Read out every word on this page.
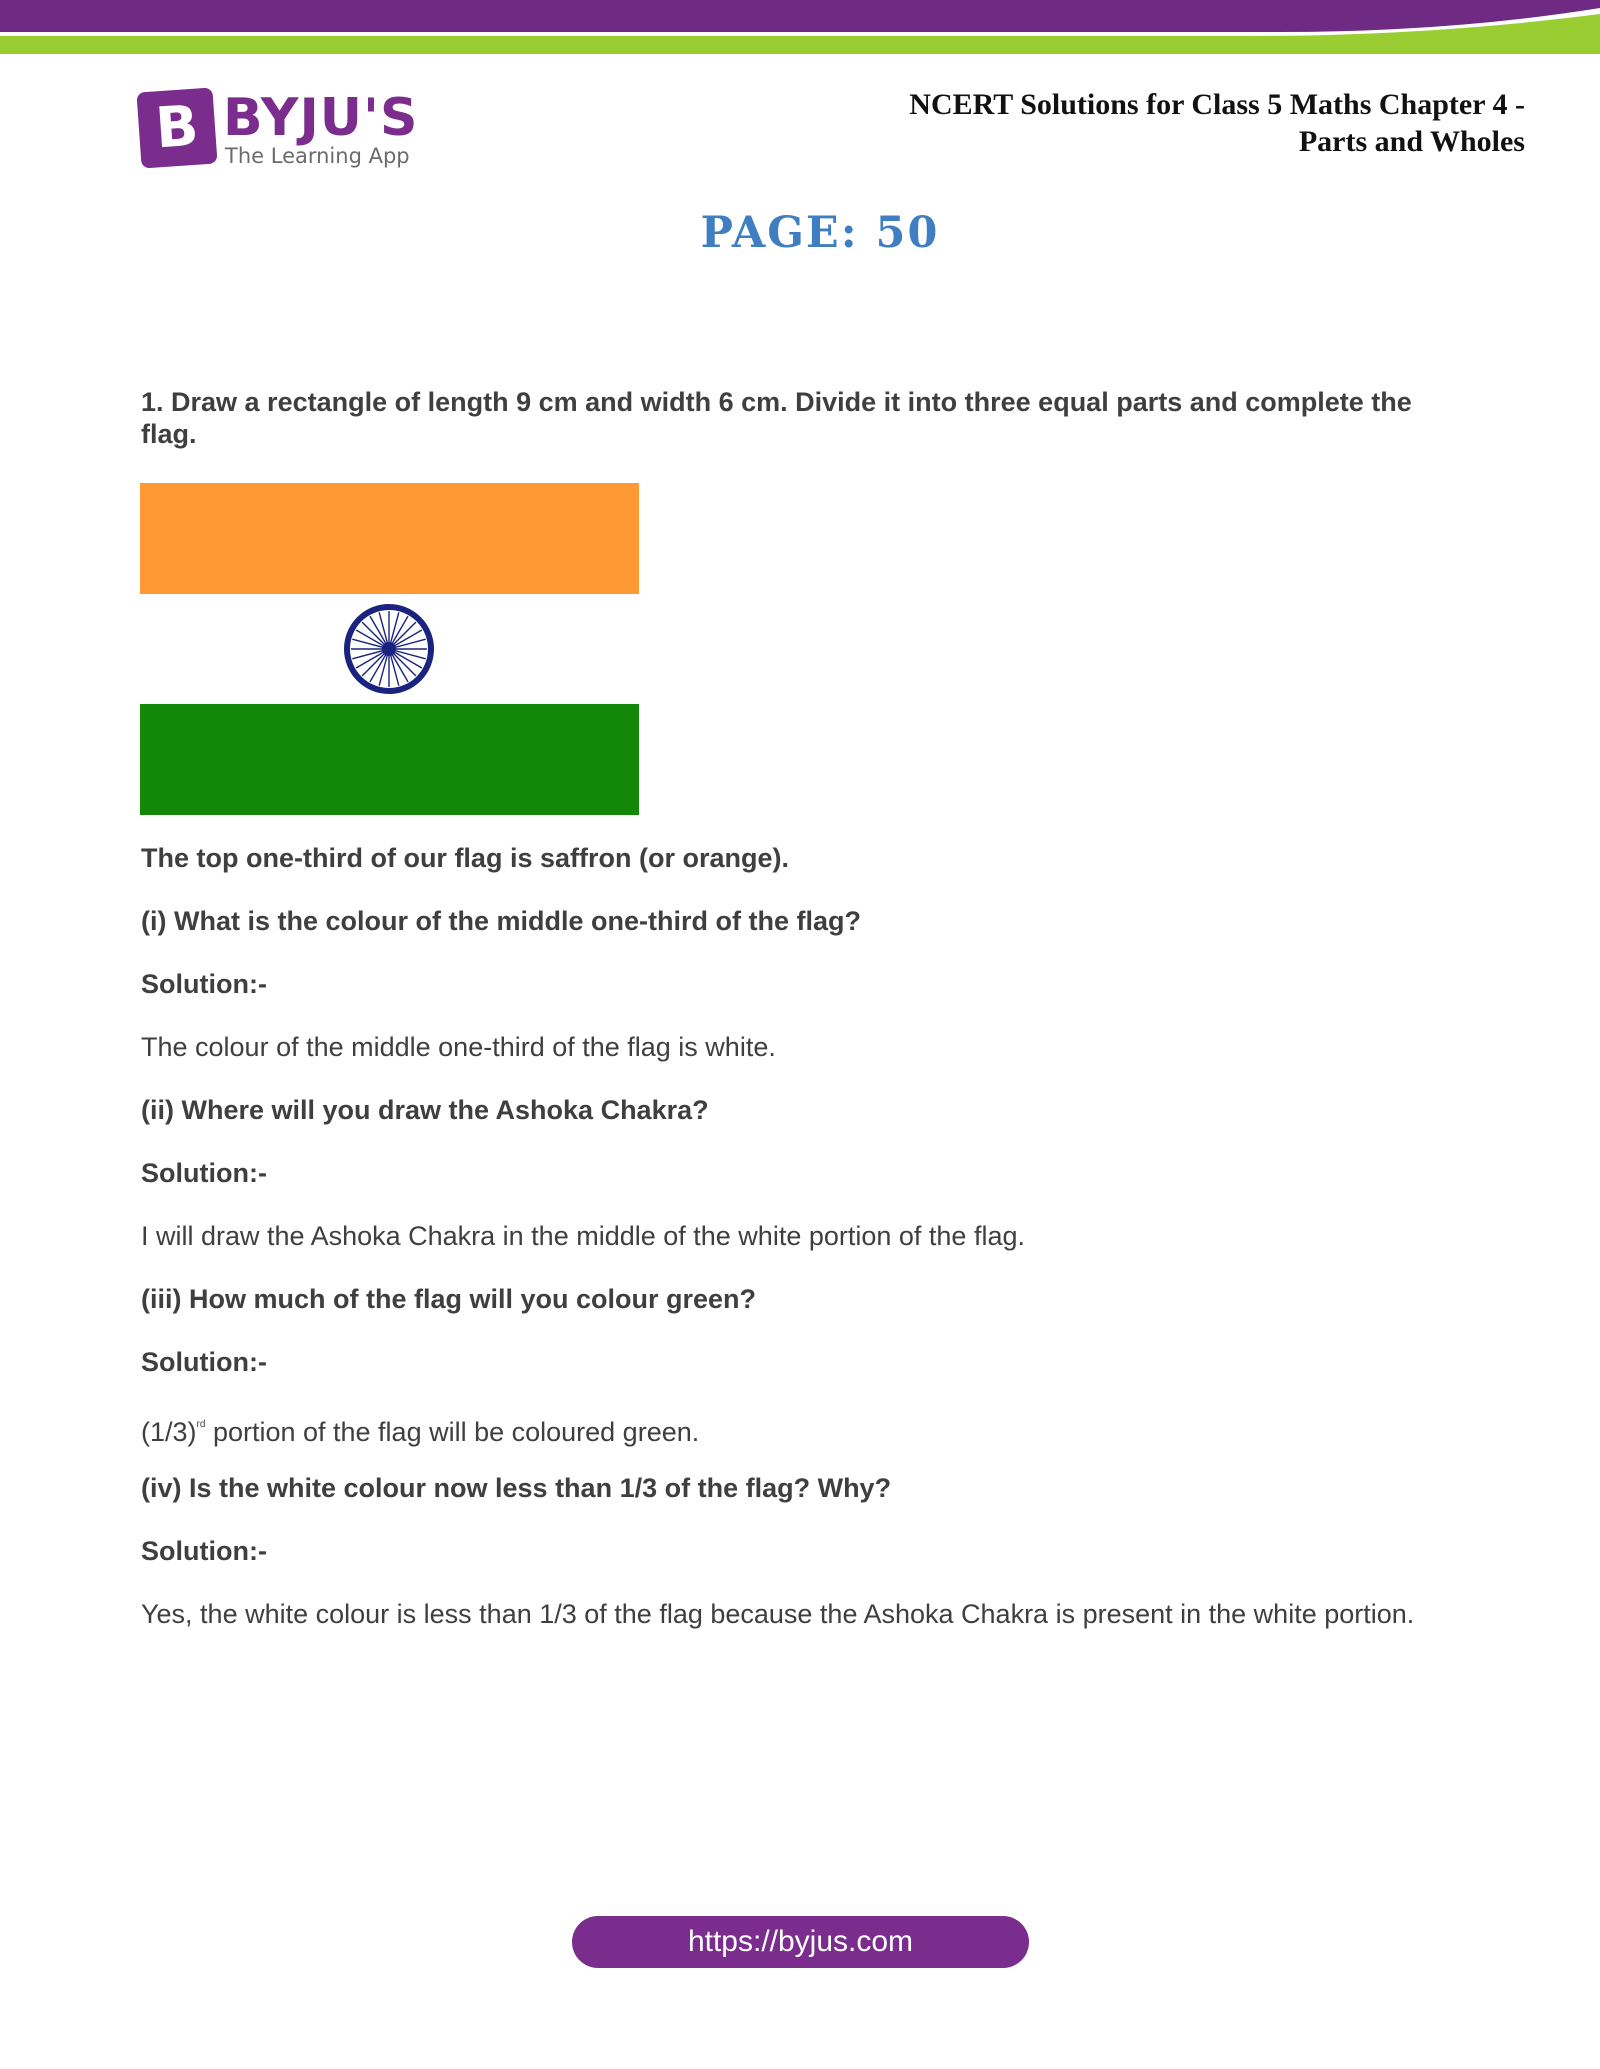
B BYJU'S
The Learning App
NCERT Solutions for Class 5 Maths Chapter 4 -
Parts and Wholes
PAGE: 50

1. Draw a rectangle of length 9 cm and width 6 cm. Divide it into three equal parts and complete the flag.

The top one-third of our flag is saffron (or orange).

(i) What is the colour of the middle one-third of the flag?

Solution:-

The colour of the middle one-third of the flag is white.

(ii) Where will you draw the Ashoka Chakra?

Solution:-

I will draw the Ashoka Chakra in the middle of the white portion of the flag.

(iii) How much of the flag will you colour green?

Solution:-

$(1/3)^{rd}$ portion of the flag will be coloured green.

(iv) Is the white colour now less than 1/3 of the flag? Why?

Solution:-

Yes, the white colour is less than 1/3 of the flag because the Ashoka Chakra is present in the white portion.

https://byjus.com
